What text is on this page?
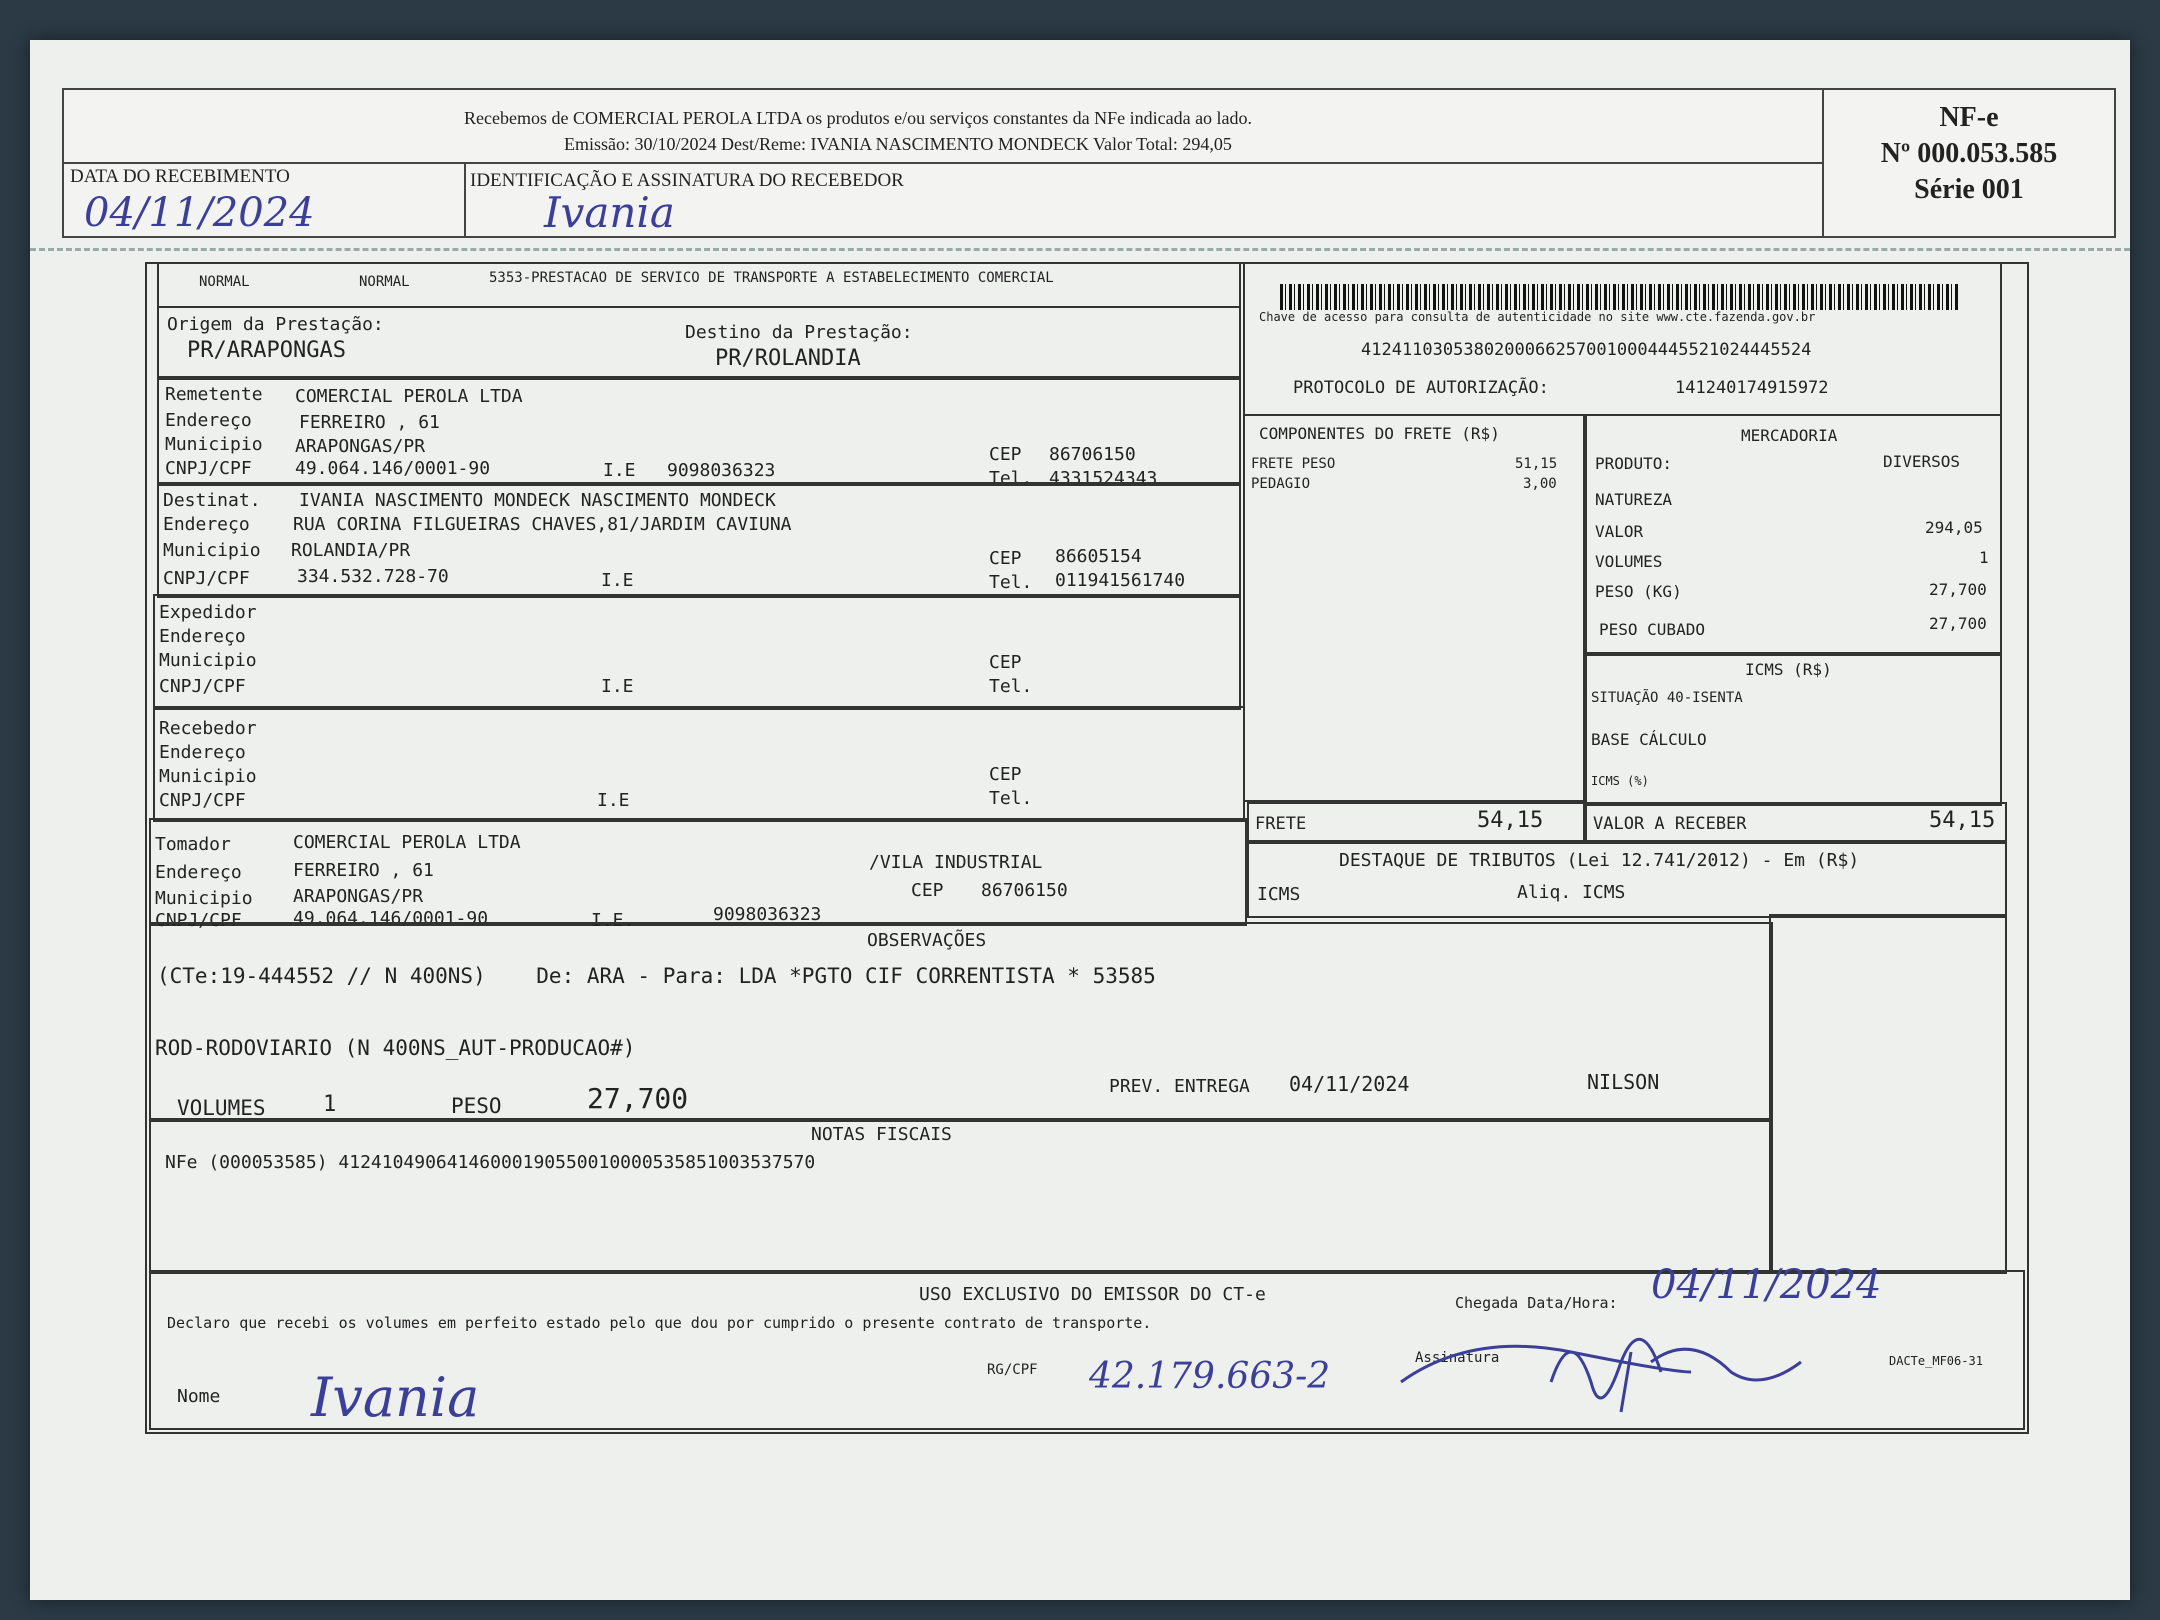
Recebemos de COMERCIAL PEROLA LTDA os produtos e/ou serviços constantes da NFe indicada ao lado.
Emissão: 30/10/2024 Dest/Reme: IVANIA NASCIMENTO MONDECK Valor Total: 294,05
DATA DO RECEBIMENTO
04/11/2024
IDENTIFICAÇÃO E ASSINATURA DO RECEBEDOR
Ivania
NF-e
Nº 000.053.585
Série 001
NORMAL	NORMAL	5353-PRESTACAO DE SERVICO DE TRANSPORTE A ESTABELECIMENTO COMERCIAL
Chave de acesso para consulta de autenticidade no site www.cte.fazenda.gov.br
41241103053802000662570010004445521024445524
PROTOCOLO DE AUTORIZAÇÃO:	141240174915972
Origem da Prestação:
PR/ARAPONGAS
Destino da Prestação:
PR/ROLANDIA
Remetente COMERCIAL PEROLA LTDA
Endereço	FERREIRO , 61
Municipio ARAPONGAS/PR
CNPJ/CPF 49.064.146/0001-90	I.E 9098036323
CEP 86706150
Tel. 4331524343
Destinat. IVANIA NASCIMENTO MONDECK NASCIMENTO MONDECK
Endereço RUA CORINA FILGUEIRAS CHAVES,81/JARDIM CAVIUNA
Municipio ROLANDIA/PR
CNPJ/CPF	334.532.728-70	I.E
CEP 86605154
Tel. 011941561740
Expedidor
Endereço
Municipio
CNPJ/CPF	I.E
CEP
Tel.
Recebedor
Endereço
Municipio
CNPJ/CPF	I.E
CEP
Tel.
Tomador	COMERCIAL PEROLA LTDA
Endereço	FERREIRO , 61	/VILA INDUSTRIAL
Municipio ARAPONGAS/PR	CEP 86706150
CNPJ/CPF	49.064.146/0001-90	I.E.	9098036323
COMPONENTES DO FRETE (R$)
FRETE PESO	51,15
PEDAGIO	3,00
MERCADORIA
PRODUTO:	DIVERSOS
NATUREZA
VALOR	294,05
VOLUMES	1
PESO (KG)	27,700
PESO CUBADO	27,700
ICMS (R$)
SITUAÇÃO 40-ISENTA
BASE CÁLCULO
ICMS (%)
FRETE	54,15	VALOR A RECEBER	54,15
DESTAQUE DE TRIBUTOS (Lei 12.741/2012) - Em (R$)
ICMS	Aliq. ICMS
OBSERVAÇÕES
(CTe:19-444552 // N 400NS)    De: ARA - Para: LDA *PGTO CIF CORRENTISTA * 53585
ROD-RODOVIARIO (N 400NS_AUT-PRODUCAO#)
VOLUMES	1	PESO	27,700	PREV. ENTREGA 04/11/2024	NILSON
NOTAS FISCAIS
NFe (000053585) 41241049064146000190550010000535851003537570
USO EXCLUSIVO DO EMISSOR DO CT-e
Declaro que recebi os volumes em perfeito estado pelo que dou por cumprido o presente contrato de transporte.
Chegada Data/Hora: 04/11/2024
Nome Ivania	RG/CPF 42.179.663-2	Assinatura	DACTe_MF06-31
